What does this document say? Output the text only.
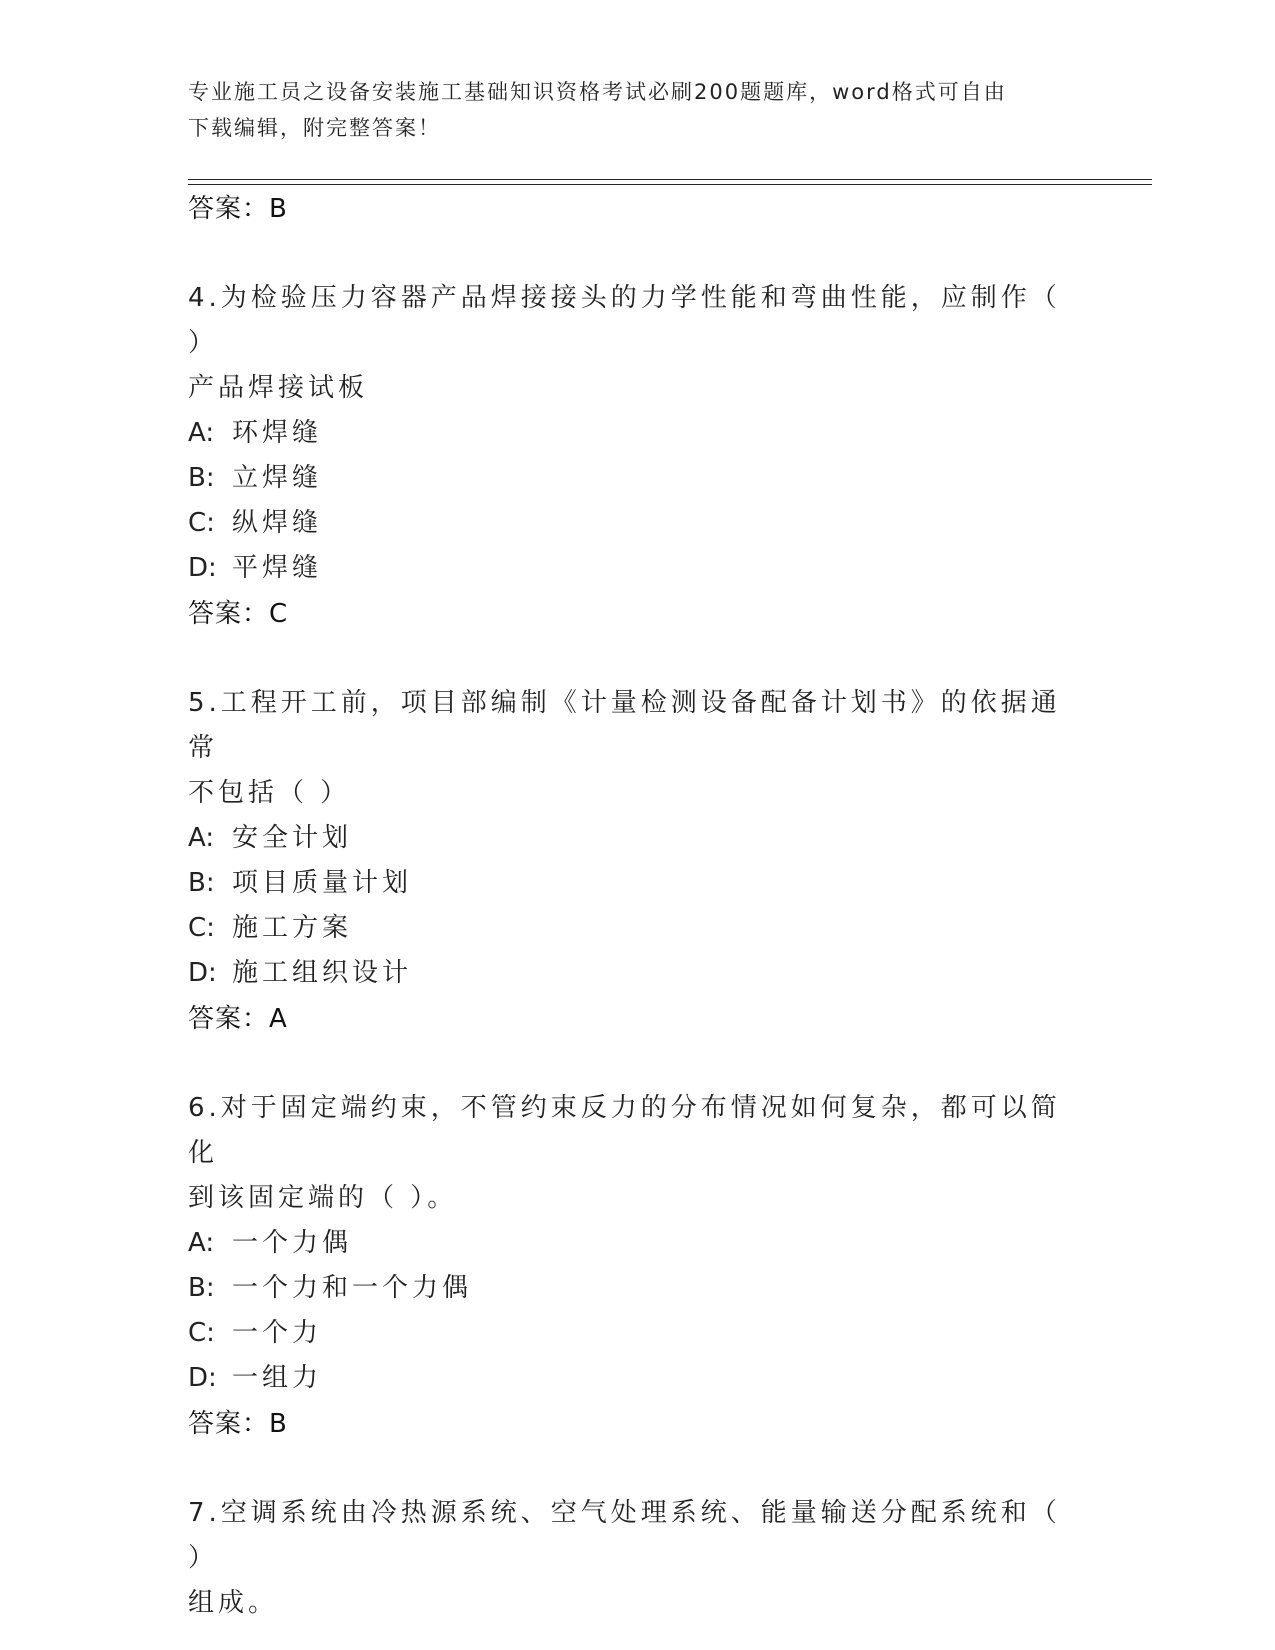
专业施工员之设备安装施工基础知识资格考试必刷200题题库，word格式可自由
下载编辑，附完整答案！
答案：B
4.为检验压力容器产品焊接接头的力学性能和弯曲性能，应制作（ ）
产品焊接试板
A: 环焊缝
B: 立焊缝
C: 纵焊缝
D: 平焊缝
答案：C
5.工程开工前，项目部编制《计量检测设备配备计划书》的依据通常
不包括（ ）
A: 安全计划
B: 项目质量计划
C: 施工方案
D: 施工组织设计
答案：A
6.对于固定端约束，不管约束反力的分布情况如何复杂，都可以简化
到该固定端的（ ）。
A: 一个力偶
B: 一个力和一个力偶
C: 一个力
D: 一组力
答案：B
7.空调系统由冷热源系统、空气处理系统、能量输送分配系统和（ ）
组成。
